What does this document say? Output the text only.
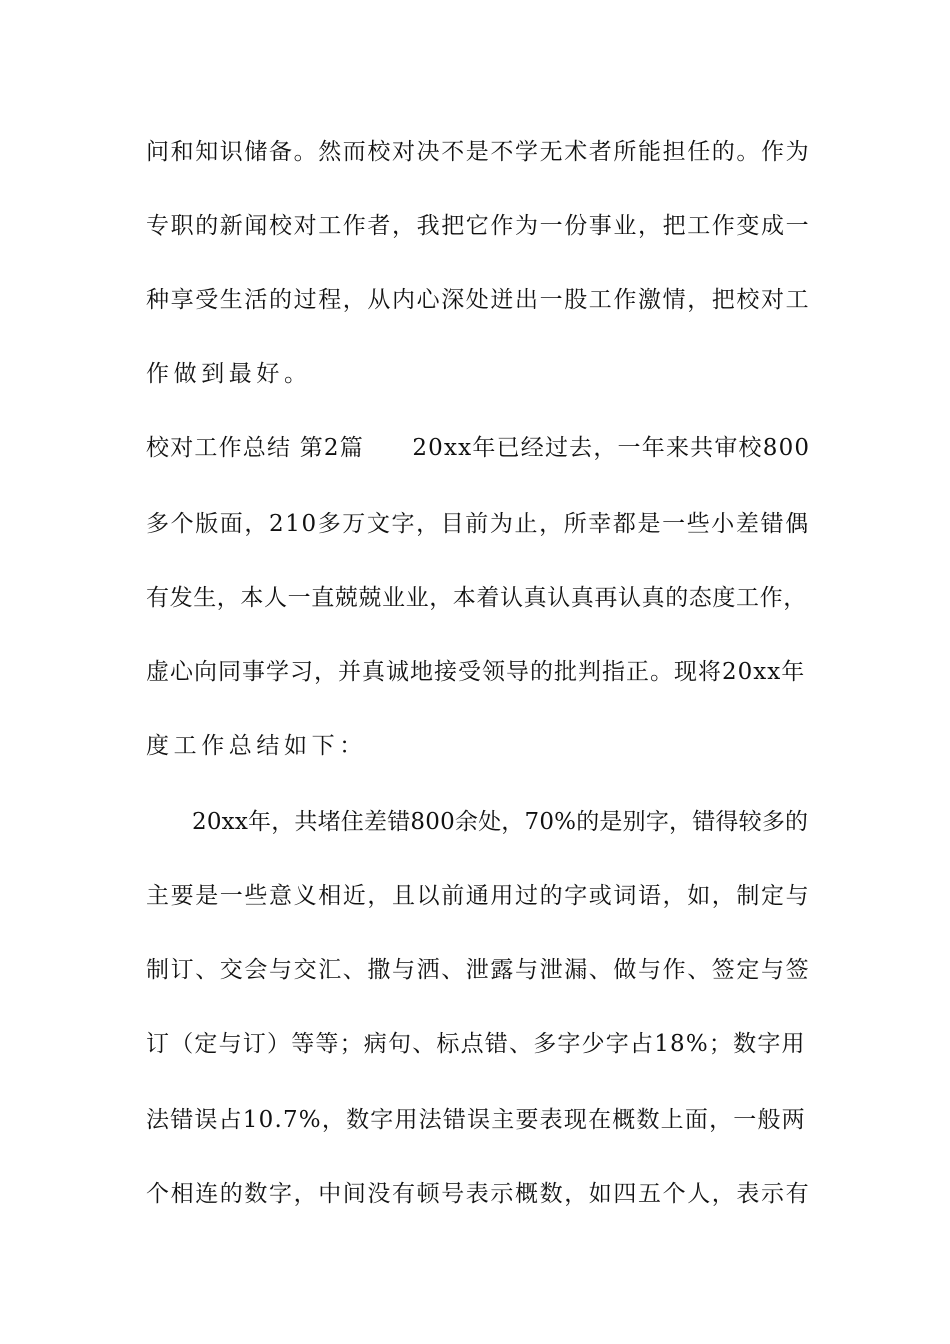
问和知识储备。然而校对决不是不学无术者所能担任的。作为
专职的新闻校对工作者，我把它作为一份事业，把工作变成一
种享受生活的过程，从内心深处迸出一股工作激情，把校对工
作做到最好。
校对工作总结 第2篇　　20xx年已经过去，一年来共审校800
多个版面，210多万文字，目前为止，所幸都是一些小差错偶
有发生，本人一直兢兢业业，本着认真认真再认真的态度工作，
虚心向同事学习，并真诚地接受领导的批判指正。现将20xx年
度工作总结如下：
20xx年，共堵住差错800余处，70%的是别字，错得较多的
主要是一些意义相近，且以前通用过的字或词语，如，制定与
制订、交会与交汇、撒与洒、泄露与泄漏、做与作、签定与签
订（定与订）等等；病句、标点错、多字少字占18%；数字用
法错误占10.7%，数字用法错误主要表现在概数上面，一般两
个相连的数字，中间没有顿号表示概数，如四五个人，表示有
